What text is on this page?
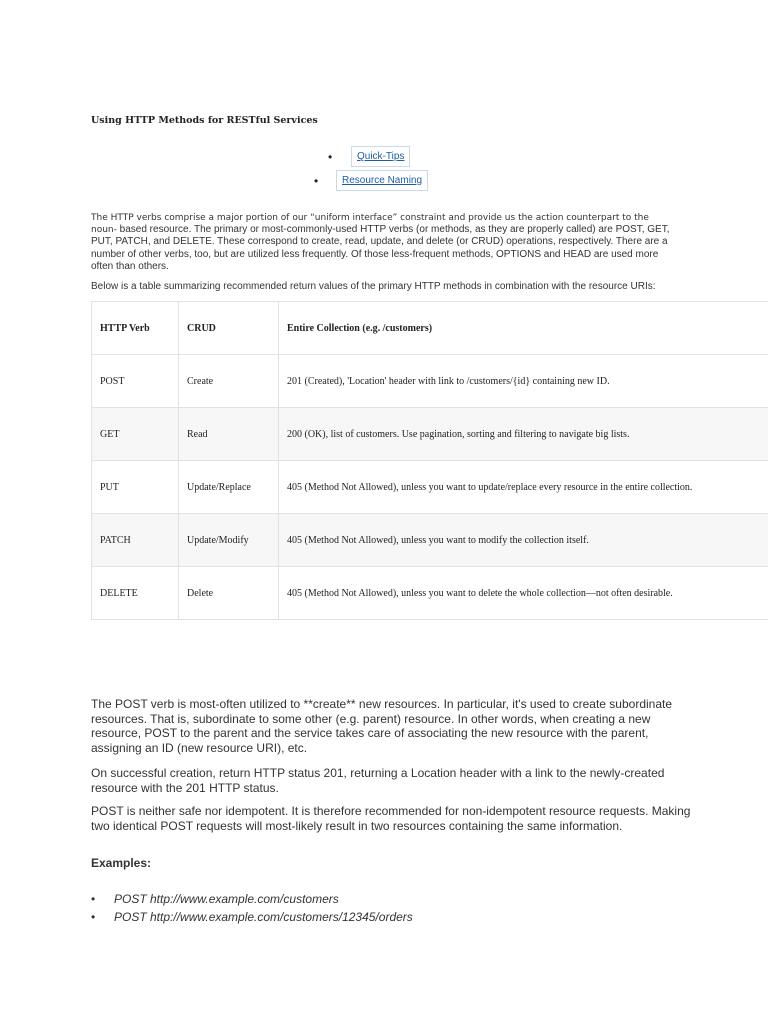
Using HTTP Methods for RESTful Services
•	Quick-Tips
•	Resource Naming
The HTTP verbs comprise a major portion of our “uniform interface” constraint and provide us the action counterpart to the noun- based resource. The primary or most-commonly-used HTTP verbs (or methods, as they are properly called) are POST, GET, PUT, PATCH, and DELETE. These correspond to create, read, update, and delete (or CRUD) operations, respectively. There are a number of other verbs, too, but are utilized less frequently. Of those less-frequent methods, OPTIONS and HEAD are used more often than others.
Below is a table summarizing recommended return values of the primary HTTP methods in combination with the resource URIs:
HTTP Verb	CRUD	Entire Collection (e.g. /customers)
POST	Create	201 (Created), 'Location' header with link to /customers/{id} containing new ID.
GET	Read	200 (OK), list of customers. Use pagination, sorting and filtering to navigate big lists.
PUT	Update/Replace	405 (Method Not Allowed), unless you want to update/replace every resource in the entire collection.
PATCH	Update/Modify	405 (Method Not Allowed), unless you want to modify the collection itself.
DELETE	Delete	405 (Method Not Allowed), unless you want to delete the whole collection—not often desirable.
The POST verb is most-often utilized to **create** new resources. In particular, it's used to create subordinate resources. That is, subordinate to some other (e.g. parent) resource. In other words, when creating a new resource, POST to the parent and the service takes care of associating the new resource with the parent, assigning an ID (new resource URI), etc.
On successful creation, return HTTP status 201, returning a Location header with a link to the newly-created resource with the 201 HTTP status.
POST is neither safe nor idempotent. It is therefore recommended for non-idempotent resource requests. Making two identical POST requests will most-likely result in two resources containing the same information.
Examples:
• POST http://www.example.com/customers
• POST http://www.example.com/customers/12345/orders
